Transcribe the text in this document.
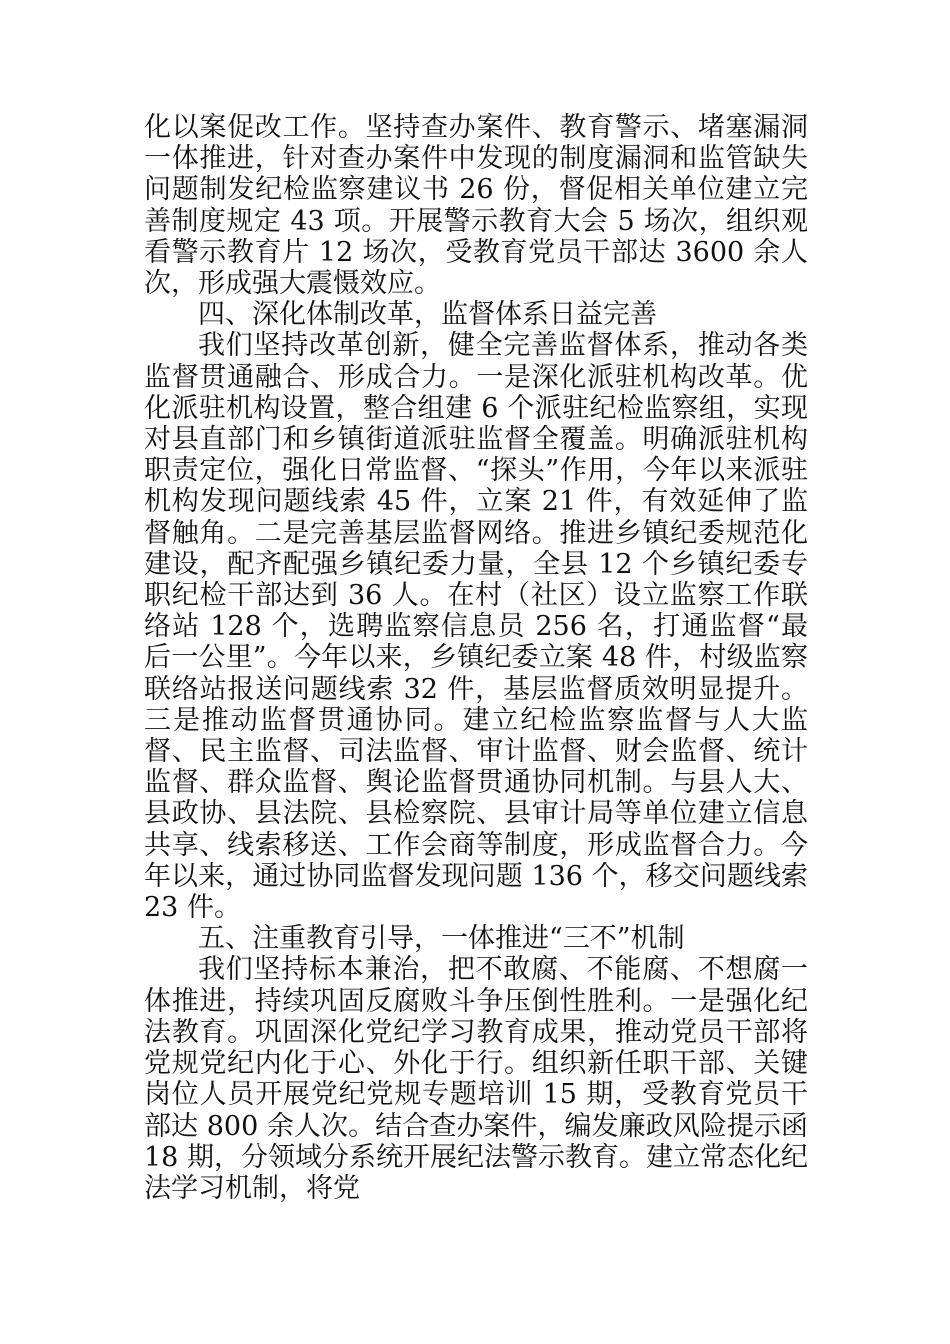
化以案促改工作。坚持查办案件、教育警示、堵塞漏洞一体推进，针对查办案件中发现的制度漏洞和监管缺失问题制发纪检监察建议书 26 份，督促相关单位建立完善制度规定 43 项。开展警示教育大会 5 场次，组织观看警示教育片 12 场次，受教育党员干部达 3600 余人次，形成强大震慑效应。

四、深化体制改革，监督体系日益完善

我们坚持改革创新，健全完善监督体系，推动各类监督贯通融合、形成合力。一是深化派驻机构改革。优化派驻机构设置，整合组建 6 个派驻纪检监察组，实现对县直部门和乡镇街道派驻监督全覆盖。明确派驻机构职责定位，强化日常监督、“探头”作用，今年以来派驻机构发现问题线索 45 件，立案 21 件，有效延伸了监督触角。二是完善基层监督网络。推进乡镇纪委规范化建设，配齐配强乡镇纪委力量，全县 12 个乡镇纪委专职纪检干部达到 36 人。在村（社区）设立监察工作联络站 128 个，选聘监察信息员 256 名，打通监督“最后一公里”。今年以来，乡镇纪委立案 48 件，村级监察联络站报送问题线索 32 件，基层监督质效明显提升。三是推动监督贯通协同。建立纪检监察监督与人大监督、民主监督、司法监督、审计监督、财会监督、统计监督、群众监督、舆论监督贯通协同机制。与县人大、县政协、县法院、县检察院、县审计局等单位建立信息共享、线索移送、工作会商等制度，形成监督合力。今年以来，通过协同监督发现问题 136 个，移交问题线索 23 件。

五、注重教育引导，一体推进“三不”机制

我们坚持标本兼治，把不敢腐、不能腐、不想腐一体推进，持续巩固反腐败斗争压倒性胜利。一是强化纪法教育。巩固深化党纪学习教育成果，推动党员干部将党规党纪内化于心、外化于行。组织新任职干部、关键岗位人员开展党纪党规专题培训 15 期，受教育党员干部达 800 余人次。结合查办案件，编发廉政风险提示函 18 期，分领域分系统开展纪法警示教育。建立常态化纪法学习机制，将党
